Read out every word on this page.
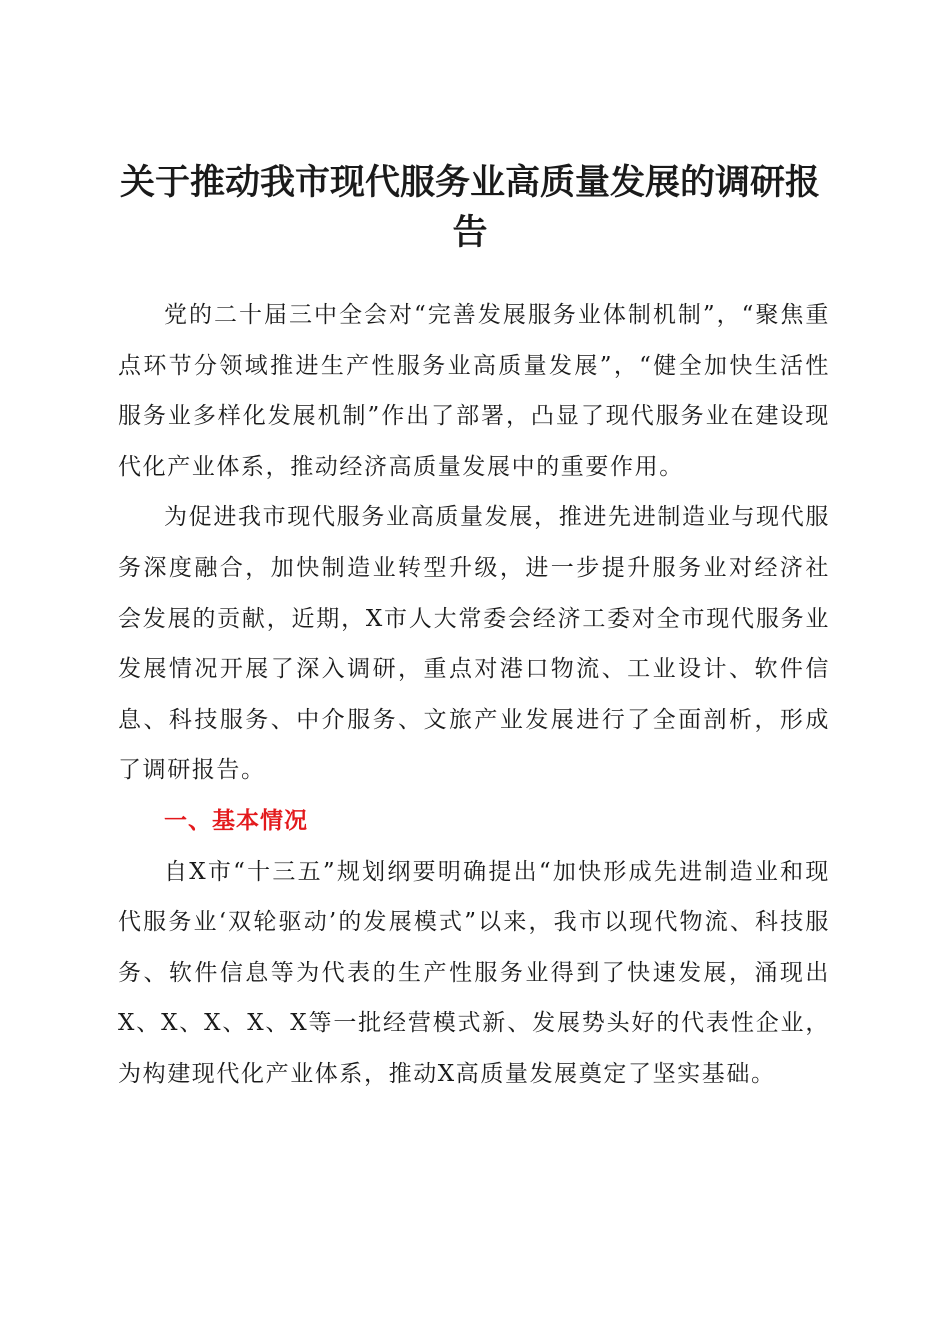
关于推动我市现代服务业高质量发展的调研报告

党的二十届三中全会对“完善发展服务业体制机制”，“聚焦重点环节分领域推进生产性服务业高质量发展”，“健全加快生活性服务业多样化发展机制”作出了部署，凸显了现代服务业在建设现代化产业体系，推动经济高质量发展中的重要作用。

为促进我市现代服务业高质量发展，推进先进制造业与现代服务深度融合，加快制造业转型升级，进一步提升服务业对经济社会发展的贡献，近期，X市人大常委会经济工委对全市现代服务业发展情况开展了深入调研，重点对港口物流、工业设计、软件信息、科技服务、中介服务、文旅产业发展进行了全面剖析，形成了调研报告。

一、基本情况

自X市“十三五”规划纲要明确提出“加快形成先进制造业和现代服务业‘双轮驱动’的发展模式”以来，我市以现代物流、科技服务、软件信息等为代表的生产性服务业得到了快速发展，涌现出X、X、X、X、X等一批经营模式新、发展势头好的代表性企业，为构建现代化产业体系，推动X高质量发展奠定了坚实基础。
